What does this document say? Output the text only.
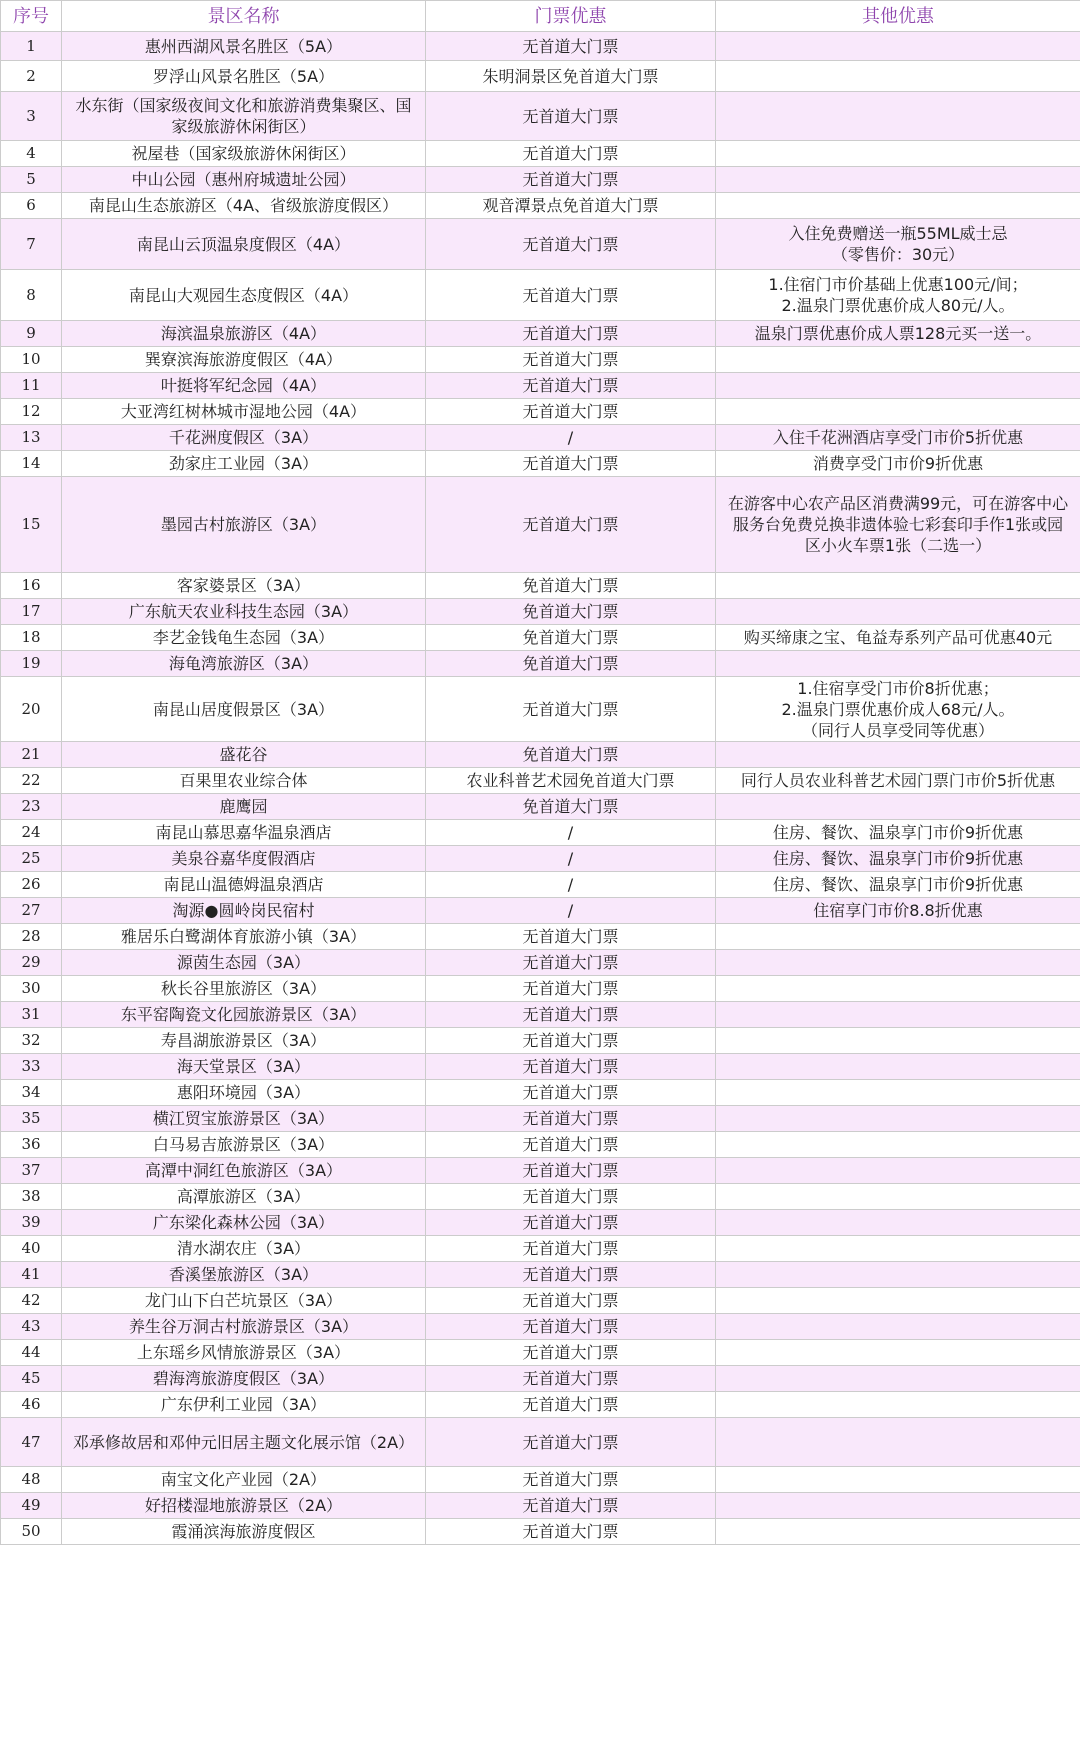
序号	景区名称	门票优惠	其他优惠
1	惠州西湖风景名胜区（5A）	无首道大门票	
2	罗浮山风景名胜区（5A）	朱明洞景区免首道大门票	
3	水东街（国家级夜间文化和旅游消费集聚区、国
家级旅游休闲街区）	无首道大门票	
4	祝屋巷（国家级旅游休闲街区）	无首道大门票	
5	中山公园（惠州府城遗址公园）	无首道大门票	
6	南昆山生态旅游区（4A、省级旅游度假区）	观音潭景点免首道大门票	
7	南昆山云顶温泉度假区（4A）	无首道大门票	入住免费赠送一瓶55ML威士忌
（零售价：30元）
8	南昆山大观园生态度假区（4A）	无首道大门票	1.住宿门市价基础上优惠100元/间；
2.温泉门票优惠价成人80元/人。
9	海滨温泉旅游区（4A）	无首道大门票	温泉门票优惠价成人票128元买一送一。
10	巽寮滨海旅游度假区（4A）	无首道大门票	
11	叶挺将军纪念园（4A）	无首道大门票	
12	大亚湾红树林城市湿地公园（4A）	无首道大门票	
13	千花洲度假区（3A）	/	入住千花洲酒店享受门市价5折优惠
14	劲家庄工业园（3A）	无首道大门票	消费享受门市价9折优惠
15	墨园古村旅游区（3A）	无首道大门票	在游客中心农产品区消费满99元，可在游客中心
服务台免费兑换非遗体验七彩套印手作1张或园
区小火车票1张（二选一）
16	客家婆景区（3A）	免首道大门票	
17	广东航天农业科技生态园（3A）	免首道大门票	
18	李艺金钱龟生态园（3A）	免首道大门票	购买缔康之宝、龟益寿系列产品可优惠40元
19	海龟湾旅游区（3A）	免首道大门票	
20	南昆山居度假景区（3A）	无首道大门票	1.住宿享受门市价8折优惠；
2.温泉门票优惠价成人68元/人。
（同行人员享受同等优惠）
21	盛花谷	免首道大门票	
22	百果里农业综合体	农业科普艺术园免首道大门票	同行人员农业科普艺术园门票门市价5折优惠
23	鹿鹰园	免首道大门票	
24	南昆山慕思嘉华温泉酒店	/	住房、餐饮、温泉享门市价9折优惠
25	美泉谷嘉华度假酒店	/	住房、餐饮、温泉享门市价9折优惠
26	南昆山温德姆温泉酒店	/	住房、餐饮、温泉享门市价9折优惠
27	淘源●圆岭岗民宿村	/	住宿享门市价8.8折优惠
28	雅居乐白鹭湖体育旅游小镇（3A）	无首道大门票	
29	源茵生态园（3A）	无首道大门票	
30	秋长谷里旅游区（3A）	无首道大门票	
31	东平窑陶瓷文化园旅游景区（3A）	无首道大门票	
32	寿昌湖旅游景区（3A）	无首道大门票	
33	海天堂景区（3A）	无首道大门票	
34	惠阳环境园（3A）	无首道大门票	
35	横江贸宝旅游景区（3A）	无首道大门票	
36	白马易吉旅游景区（3A）	无首道大门票	
37	高潭中洞红色旅游区（3A）	无首道大门票	
38	高潭旅游区（3A）	无首道大门票	
39	广东梁化森林公园（3A）	无首道大门票	
40	清水湖农庄（3A）	无首道大门票	
41	香溪堡旅游区（3A）	无首道大门票	
42	龙门山下白芒坑景区（3A）	无首道大门票	
43	养生谷万洞古村旅游景区（3A）	无首道大门票	
44	上东瑶乡风情旅游景区（3A）	无首道大门票	
45	碧海湾旅游度假区（3A）	无首道大门票	
46	广东伊利工业园（3A）	无首道大门票	
47	邓承修故居和邓仲元旧居主题文化展示馆（2A）	无首道大门票	
48	南宝文化产业园（2A）	无首道大门票	
49	好招楼湿地旅游景区（2A）	无首道大门票	
50	霞涌滨海旅游度假区	无首道大门票	
